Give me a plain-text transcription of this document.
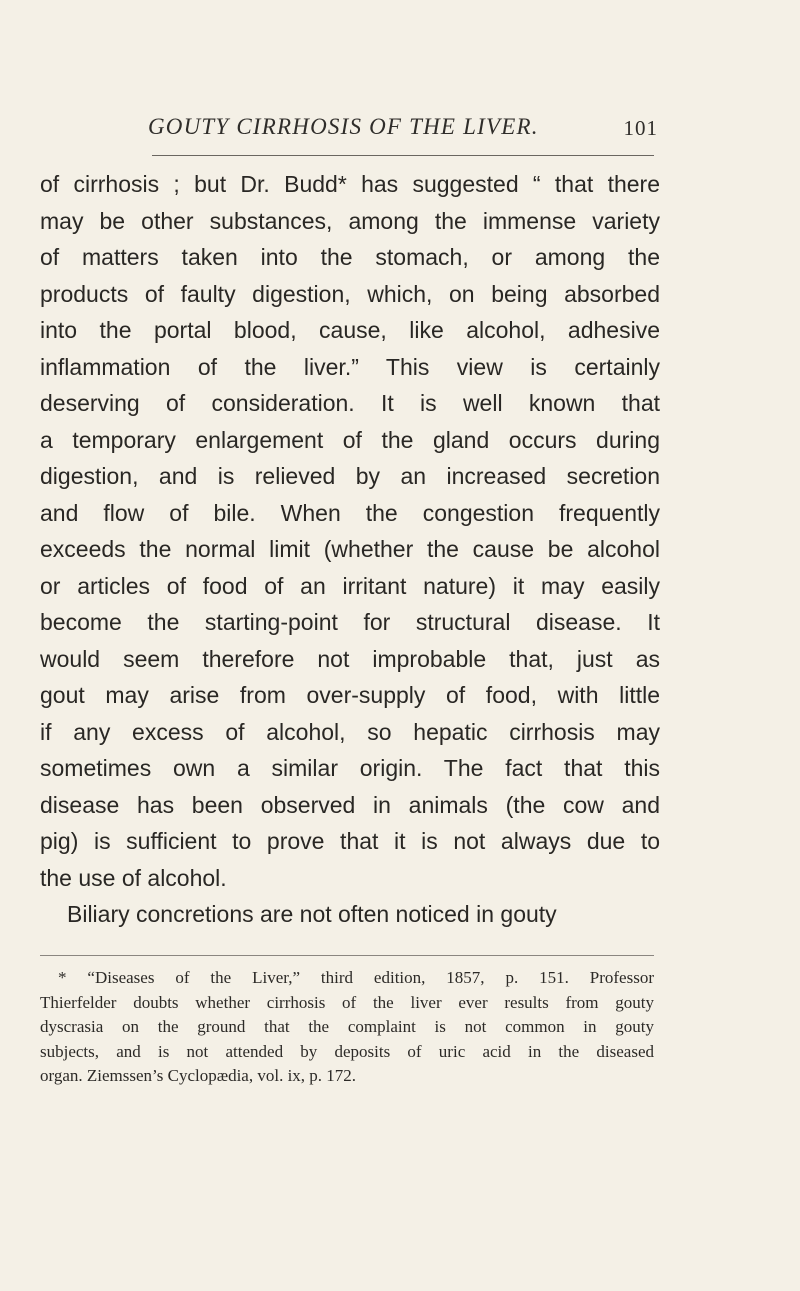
GOUTY CIRRHOSIS OF THE LIVER.	101
of cirrhosis ; but Dr. Budd* has suggested “ that there
may be other substances, among the immense variety
of matters taken into the stomach, or among the
products of faulty digestion, which, on being absorbed
into the portal blood, cause, like alcohol, adhesive
inflammation of the liver.” This view is certainly
deserving of consideration. It is well known that
a temporary enlargement of the gland occurs during
digestion, and is relieved by an increased secretion
and flow of bile. When the congestion frequently
exceeds the normal limit (whether the cause be alcohol
or articles of food of an irritant nature) it may easily
become the starting-point for structural disease. It
would seem therefore not improbable that, just as
gout may arise from over-supply of food, with little
if any excess of alcohol, so hepatic cirrhosis may
sometimes own a similar origin. The fact that this
disease has been observed in animals (the cow and
pig) is sufficient to prove that it is not always due to
the use of alcohol.
Biliary concretions are not often noticed in gouty
* “Diseases of the Liver,” third edition, 1857, p. 151. Professor
Thierfelder doubts whether cirrhosis of the liver ever results from gouty
dyscrasia on the ground that the complaint is not common in gouty
subjects, and is not attended by deposits of uric acid in the diseased
organ. Ziemssen’s Cyclopædia, vol. ix, p. 172.
